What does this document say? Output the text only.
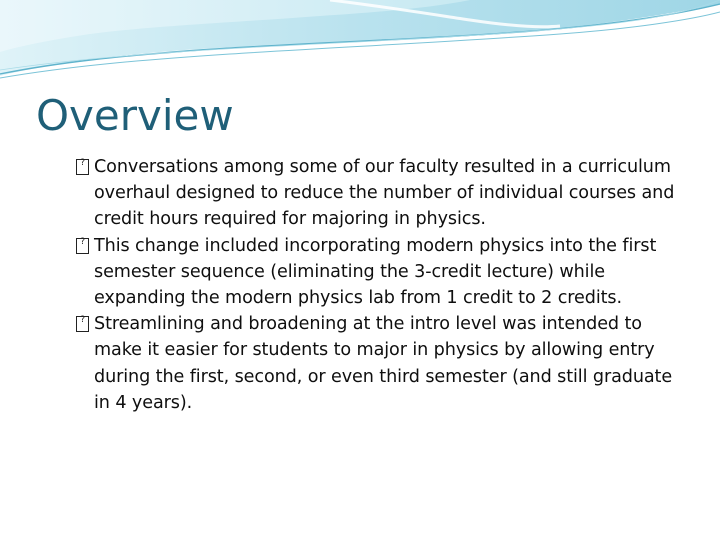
Overview
? Conversations among some of our faculty resulted in a curriculum overhaul designed to reduce the number of individual courses and credit hours required for majoring in physics.
? This change included incorporating modern physics into the first semester sequence (eliminating the 3-credit lecture) while expanding the modern physics lab from 1 credit to 2 credits.
? Streamlining and broadening at the intro level was intended to make it easier for students to major in physics by allowing entry during the first, second, or even third semester (and still graduate in 4 years).
